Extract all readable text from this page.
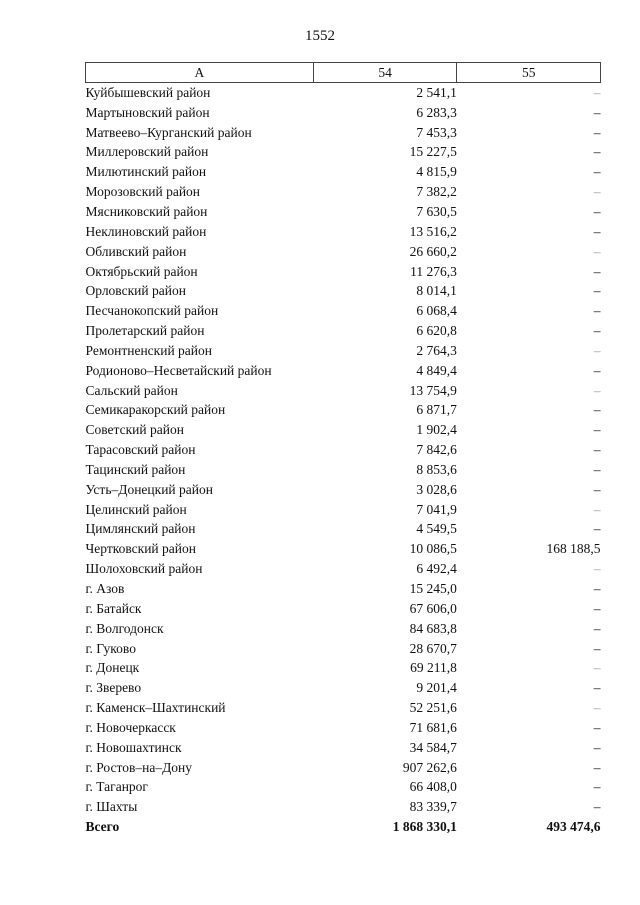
1552
А	54	55
Куйбышевский район	2 541,1	–
Мартыновский район	6 283,3	–
Матвеево–Курганский район	7 453,3	–
Миллеровский район	15 227,5	–
Милютинский район	4 815,9	–
Морозовский район	7 382,2	–
Мясниковский район	7 630,5	–
Неклиновский район	13 516,2	–
Обливский район	26 660,2	–
Октябрьский район	11 276,3	–
Орловский район	8 014,1	–
Песчанокопский район	6 068,4	–
Пролетарский район	6 620,8	–
Ремонтненский район	2 764,3	–
Родионово–Несветайский район	4 849,4	–
Сальский район	13 754,9	–
Семикаракорский район	6 871,7	–
Советский район	1 902,4	–
Тарасовский район	7 842,6	–
Тацинский район	8 853,6	–
Усть–Донецкий район	3 028,6	–
Целинский район	7 041,9	–
Цимлянский район	4 549,5	–
Чертковский район	10 086,5	168 188,5
Шолоховский район	6 492,4	–
г. Азов	15 245,0	–
г. Батайск	67 606,0	–
г. Волгодонск	84 683,8	–
г. Гуково	28 670,7	–
г. Донецк	69 211,8	–
г. Зверево	9 201,4	–
г. Каменск–Шахтинский	52 251,6	–
г. Новочеркасск	71 681,6	–
г. Новошахтинск	34 584,7	–
г. Ростов–на–Дону	907 262,6	–
г. Таганрог	66 408,0	–
г. Шахты	83 339,7	–
Всего	1 868 330,1	493 474,6
